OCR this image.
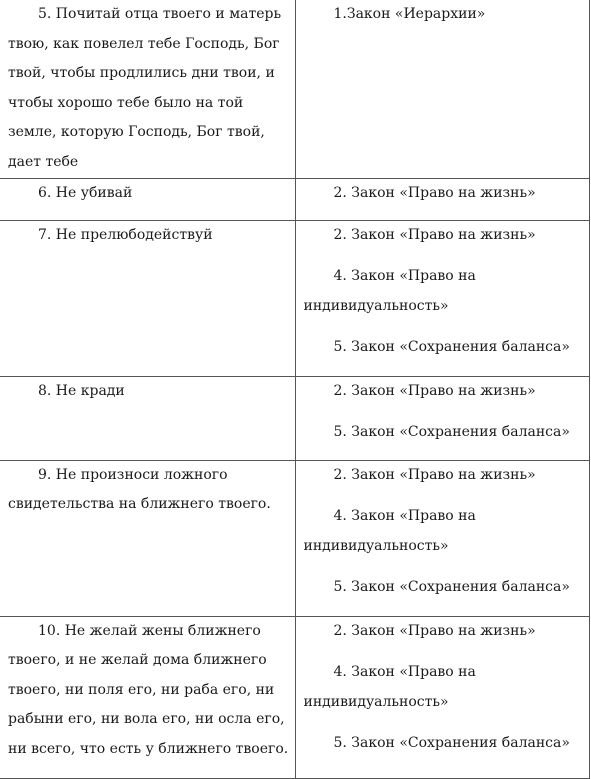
5. Почитай отца твоего и матерь твою, как повелел тебе Господь, Бог твой, чтобы продлились дни твои, и чтобы хорошо тебе было на той земле, которую Господь, Бог твой, дает тебе	1.Закон «Иерархии»

6. Не убивай	2. Закон «Право на жизнь»

7. Не прелюбодействуй	2. Закон «Право на жизнь»

4. Закон «Право на индивидуальность»

5. Закон «Сохранения баланса»

8. Не кради	2. Закон «Право на жизнь»

5. Закон «Сохранения баланса»

9. Не произноси ложного свидетельства на ближнего твоего.	2. Закон «Право на жизнь»

4. Закон «Право на индивидуальность»

5. Закон «Сохранения баланса»

10. Не желай жены ближнего твоего, и не желай дома ближнего твоего, ни поля его, ни раба его, ни рабыни его, ни вола его, ни осла его, ни всего, что есть у ближнего твоего.	2. Закон «Право на жизнь»

4. Закон «Право на индивидуальность»

5. Закон «Сохранения баланса»
